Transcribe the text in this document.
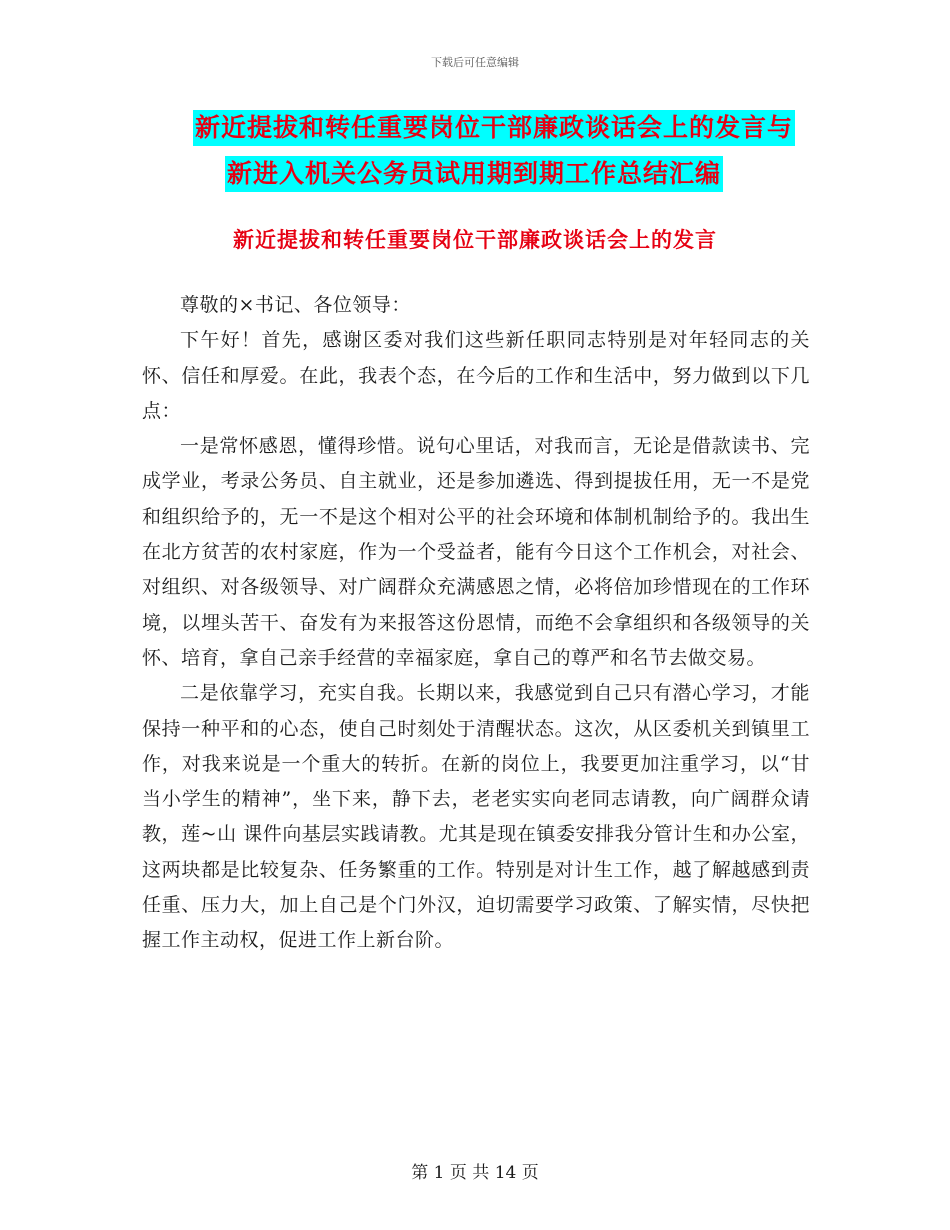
下载后可任意编辑
新近提拔和转任重要岗位干部廉政谈话会上的发言与
新进入机关公务员试用期到期工作总结汇编
新近提拔和转任重要岗位干部廉政谈话会上的发言

尊敬的×书记、各位领导：

下午好！首先，感谢区委对我们这些新任职同志特别是对年轻同志的关怀、信任和厚爱。在此，我表个态，在今后的工作和生活中，努力做到以下几点：

一是常怀感恩，懂得珍惜。说句心里话，对我而言，无论是借款读书、完成学业，考录公务员、自主就业，还是参加遴选、得到提拔任用，无一不是党和组织给予的，无一不是这个相对公平的社会环境和体制机制给予的。我出生在北方贫苦的农村家庭，作为一个受益者，能有今日这个工作机会，对社会、对组织、对各级领导、对广阔群众充满感恩之情，必将倍加珍惜现在的工作环境，以埋头苦干、奋发有为来报答这份恩情，而绝不会拿组织和各级领导的关怀、培育，拿自己亲手经营的幸福家庭，拿自己的尊严和名节去做交易。

二是依靠学习，充实自我。长期以来，我感觉到自己只有潜心学习，才能保持一种平和的心态，使自己时刻处于清醒状态。这次，从区委机关到镇里工作，对我来说是一个重大的转折。在新的岗位上，我要更加注重学习，以“甘当小学生的精神”，坐下来，静下去，老老实实向老同志请教，向广阔群众请教，莲~山 课件向基层实践请教。尤其是现在镇委安排我分管计生和办公室，这两块都是比较复杂、任务繁重的工作。特别是对计生工作，越了解越感到责任重、压力大，加上自己是个门外汉，迫切需要学习政策、了解实情，尽快把握工作主动权，促进工作上新台阶。

第 1 页 共 14 页
